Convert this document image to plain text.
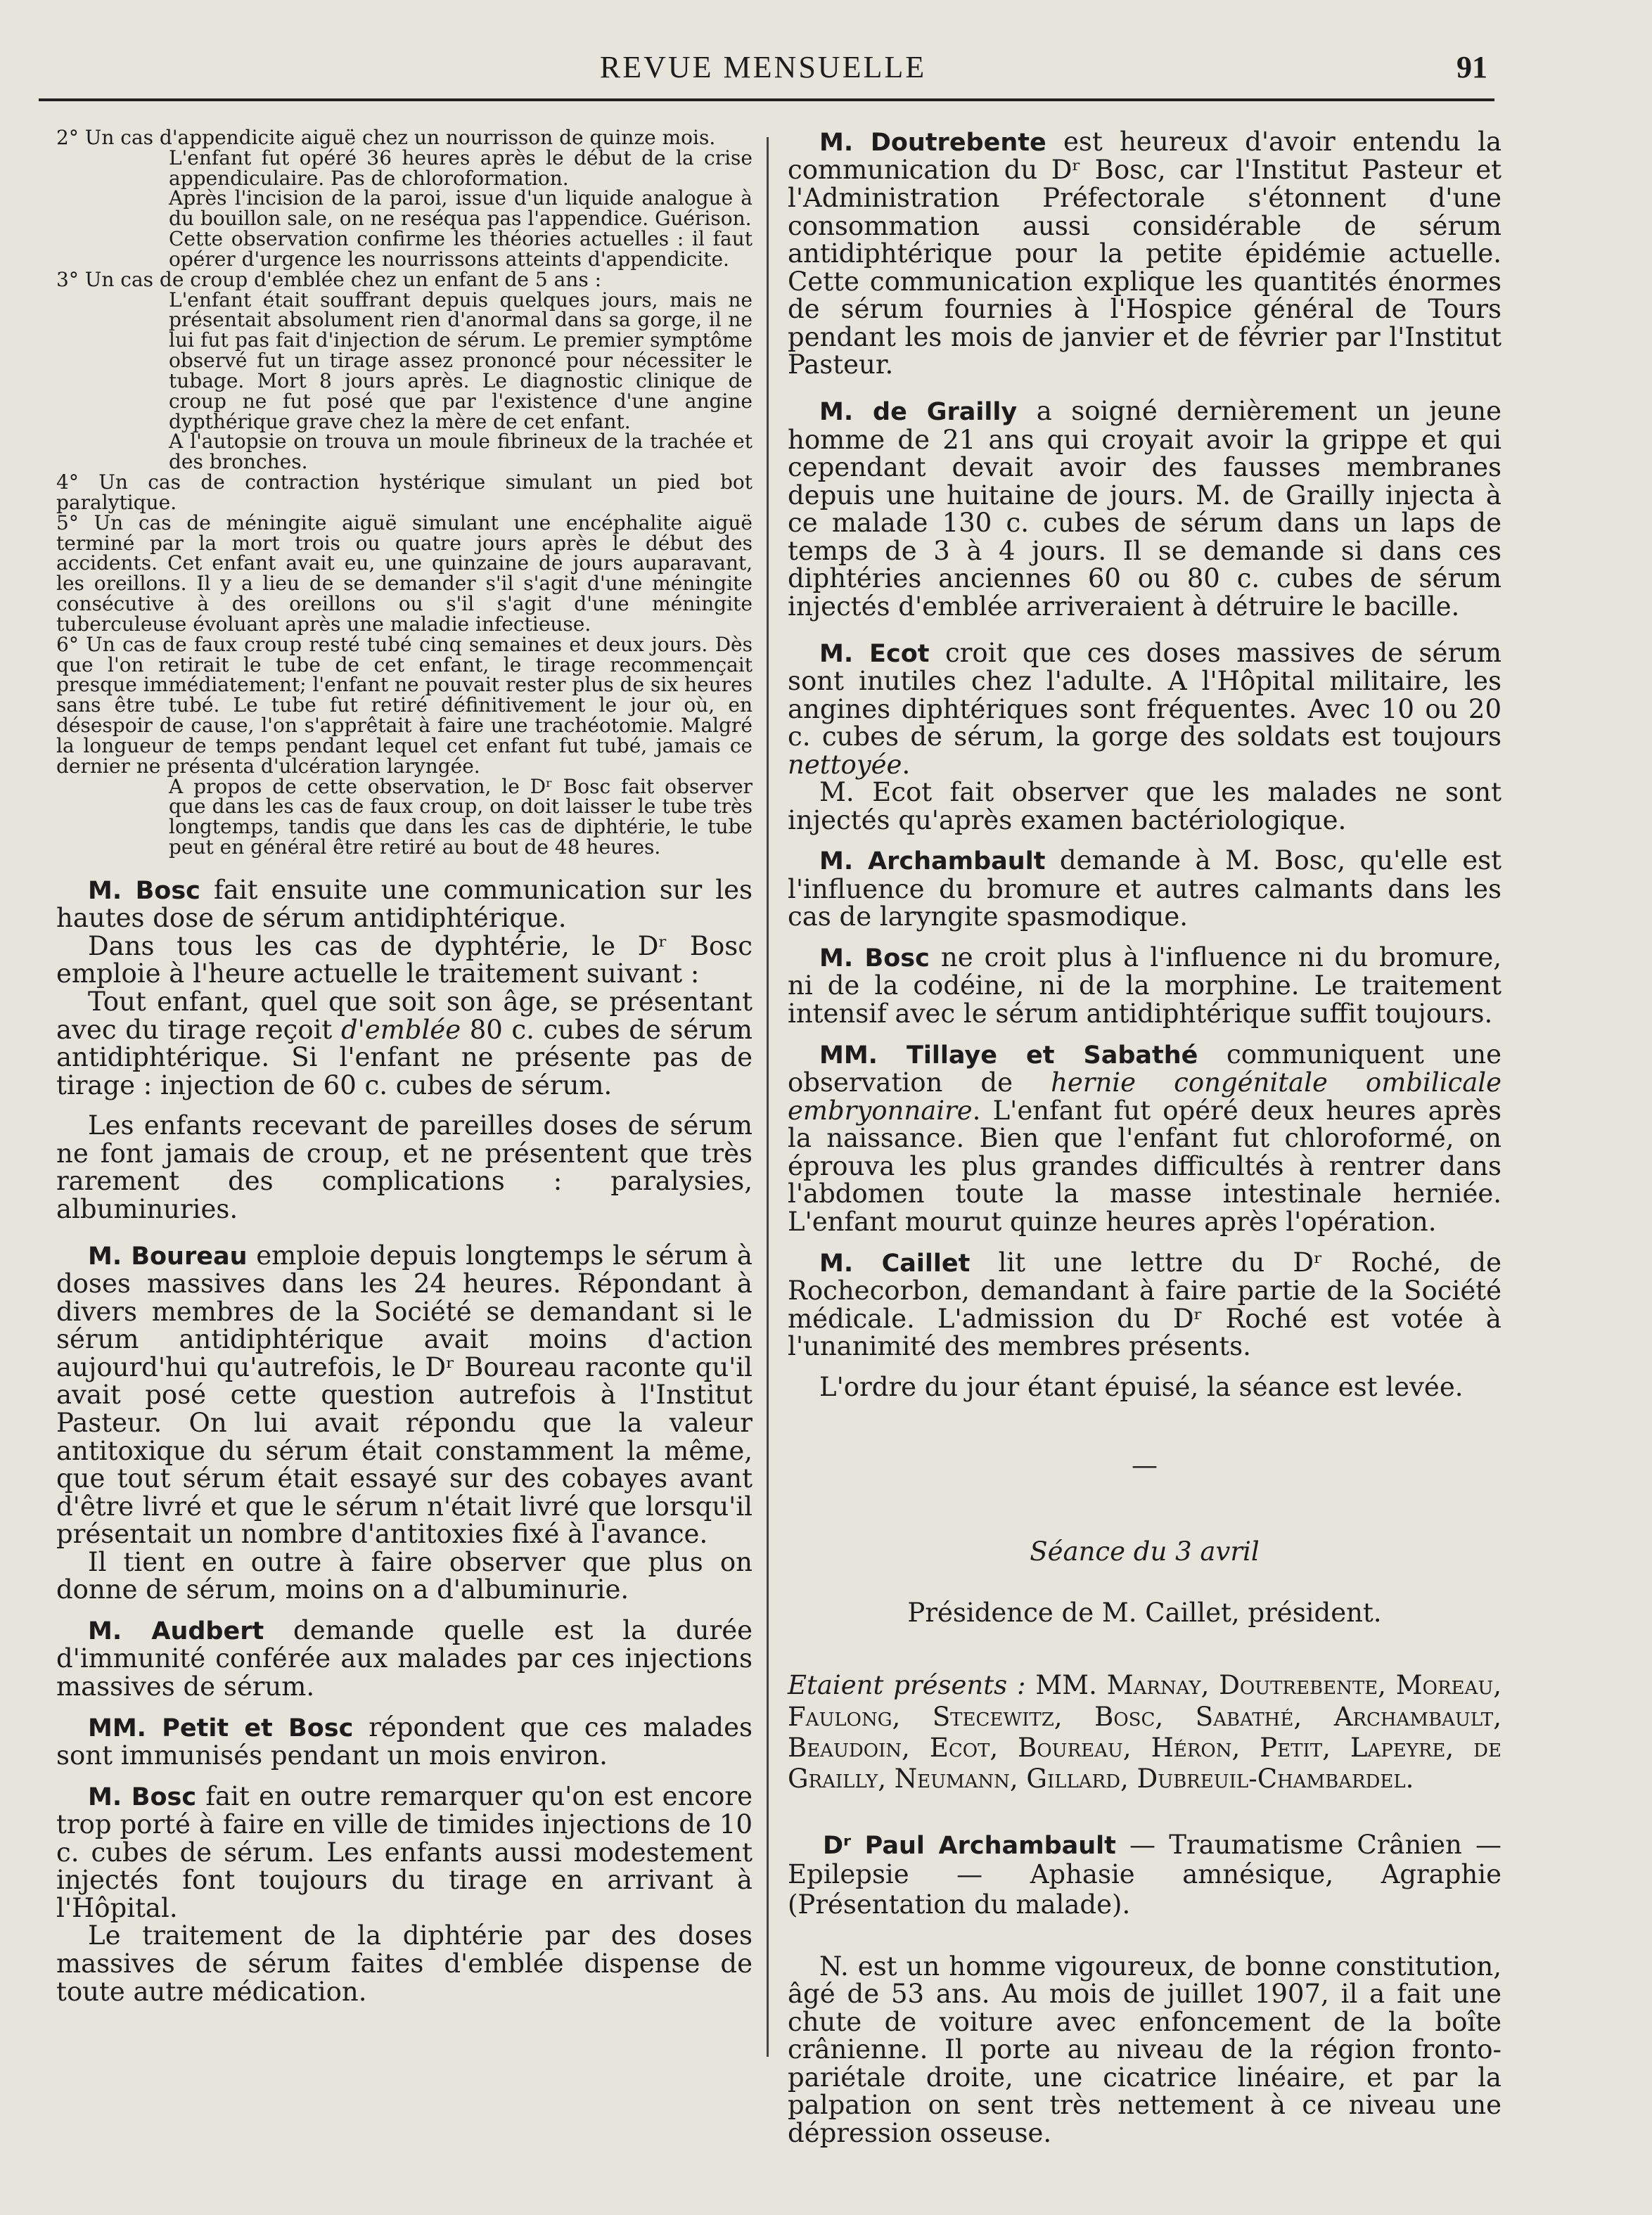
REVUE MENSUELLE	91

2° Un cas d'appendicite aiguë chez un nourrisson de quinze mois.

L'enfant fut opéré 36 heures après le début de la crise appendiculaire. Pas de chloroformation.

Après l'incision de la paroi, issue d'un liquide analogue à du bouillon sale, on ne reséqua pas l'appendice. Guérison.

Cette observation confirme les théories actuelles : il faut opérer d'urgence les nourrissons atteints d'appendicite.

3° Un cas de croup d'emblée chez un enfant de 5 ans :

L'enfant était souffrant depuis quelques jours, mais ne présentait absolument rien d'anormal dans sa gorge, il ne lui fut pas fait d'injection de sérum. Le premier symptôme observé fut un tirage assez prononcé pour nécessiter le tubage. Mort 8 jours après. Le diagnostic clinique de croup ne fut posé que par l'existence d'une angine dypthérique grave chez la mère de cet enfant.

A l'autopsie on trouva un moule fibrineux de la trachée et des bronches.

4° Un cas de contraction hystérique simulant un pied bot paralytique.

5° Un cas de méningite aiguë simulant une encéphalite aiguë terminé par la mort trois ou quatre jours après le début des accidents. Cet enfant avait eu, une quinzaine de jours auparavant, les oreillons. Il y a lieu de se demander s'il s'agit d'une méningite consécutive à des oreillons ou s'il s'agit d'une méningite tuberculeuse évoluant après une maladie infectieuse.

6° Un cas de faux croup resté tubé cinq semaines et deux jours. Dès que l'on retirait le tube de cet enfant, le tirage recommençait presque immédiatement; l'enfant ne pouvait rester plus de six heures sans être tubé. Le tube fut retiré définitivement le jour où, en désespoir de cause, l'on s'apprêtait à faire une trachéotomie. Malgré la longueur de temps pendant lequel cet enfant fut tubé, jamais ce dernier ne présenta d'ulcération laryngée.

A propos de cette observation, le Dʳ Bosc fait observer que dans les cas de faux croup, on doit laisser le tube très longtemps, tandis que dans les cas de diphtérie, le tube peut en général être retiré au bout de 48 heures.

M. Bosc fait ensuite une communication sur les hautes dose de sérum antidiphtérique.

Dans tous les cas de dyphtérie, le Dʳ Bosc emploie à l'heure actuelle le traitement suivant :

Tout enfant, quel que soit son âge, se présentant avec du tirage reçoit d'emblée 80 c. cubes de sérum antidiphtérique. Si l'enfant ne présente pas de tirage : injection de 60 c. cubes de sérum.

Les enfants recevant de pareilles doses de sérum ne font jamais de croup, et ne présentent que très rarement des complications : paralysies, albuminuries.

M. Boureau emploie depuis longtemps le sérum à doses massives dans les 24 heures. Répondant à divers membres de la Société se demandant si le sérum antidiphtérique avait moins d'action aujourd'hui qu'autrefois, le Dʳ Boureau raconte qu'il avait posé cette question autrefois à l'Institut Pasteur. On lui avait répondu que la valeur antitoxique du sérum était constamment la même, que tout sérum était essayé sur des cobayes avant d'être livré et que le sérum n'était livré que lorsqu'il présentait un nombre d'antitoxies fixé à l'avance.

Il tient en outre à faire observer que plus on donne de sérum, moins on a d'albuminurie.

M. Audbert demande quelle est la durée d'immunité conférée aux malades par ces injections massives de sérum.

MM. Petit et Bosc répondent que ces malades sont immunisés pendant un mois environ.

M. Bosc fait en outre remarquer qu'on est encore trop porté à faire en ville de timides injections de 10 c. cubes de sérum. Les enfants aussi modestement injectés font toujours du tirage en arrivant à l'Hôpital.

Le traitement de la diphtérie par des doses massives de sérum faites d'emblée dispense de toute autre médication.

M. Doutrebente est heureux d'avoir entendu la communication du Dʳ Bosc, car l'Institut Pasteur et l'Administration Préfectorale s'étonnent d'une consommation aussi considérable de sérum antidiphtérique pour la petite épidémie actuelle. Cette communication explique les quantités énormes de sérum fournies à l'Hospice général de Tours pendant les mois de janvier et de février par l'Institut Pasteur.

M. de Grailly a soigné dernièrement un jeune homme de 21 ans qui croyait avoir la grippe et qui cependant devait avoir des fausses membranes depuis une huitaine de jours. M. de Grailly injecta à ce malade 130 c. cubes de sérum dans un laps de temps de 3 à 4 jours. Il se demande si dans ces diphtéries anciennes 60 ou 80 c. cubes de sérum injectés d'emblée arriveraient à détruire le bacille.

M. Ecot croit que ces doses massives de sérum sont inutiles chez l'adulte. A l'Hôpital militaire, les angines diphtériques sont fréquentes. Avec 10 ou 20 c. cubes de sérum, la gorge des soldats est toujours nettoyée.

M. Ecot fait observer que les malades ne sont injectés qu'après examen bactériologique.

M. Archambault demande à M. Bosc, qu'elle est l'influence du bromure et autres calmants dans les cas de laryngite spasmodique.

M. Bosc ne croit plus à l'influence ni du bromure, ni de la codéine, ni de la morphine. Le traitement intensif avec le sérum antidiphtérique suffit toujours.

MM. Tillaye et Sabathé communiquent une observation de hernie congénitale ombilicale embryonnaire. L'enfant fut opéré deux heures après la naissance. Bien que l'enfant fut chloroformé, on éprouva les plus grandes difficultés à rentrer dans l'abdomen toute la masse intestinale herniée. L'enfant mourut quinze heures après l'opération.

M. Caillet lit une lettre du Dʳ Roché, de Rochecorbon, demandant à faire partie de la Société médicale. L'admission du Dʳ Roché est votée à l'unanimité des membres présents.

L'ordre du jour étant épuisé, la séance est levée.

—
Séance du 3 avril
Présidence de M. Caillet, président.

Etaient présents : MM. Marnay, Doutrebente, Moreau, Faulong, Stecewitz, Bosc, Sabathé, Archambault, Beaudoin, Ecot, Boureau, Héron, Petit, Lapeyre, de Grailly, Neumann, Gillard, Dubreuil-Chambardel.

Dʳ Paul Archambault — Traumatisme Crânien — Epilepsie — Aphasie amnésique, Agraphie (Présentation du malade).

N. est un homme vigoureux, de bonne constitution, âgé de 53 ans. Au mois de juillet 1907, il a fait une chute de voiture avec enfoncement de la boîte crânienne. Il porte au niveau de la région fronto-pariétale droite, une cicatrice linéaire, et par la palpation on sent très nettement à ce niveau une dépression osseuse.
